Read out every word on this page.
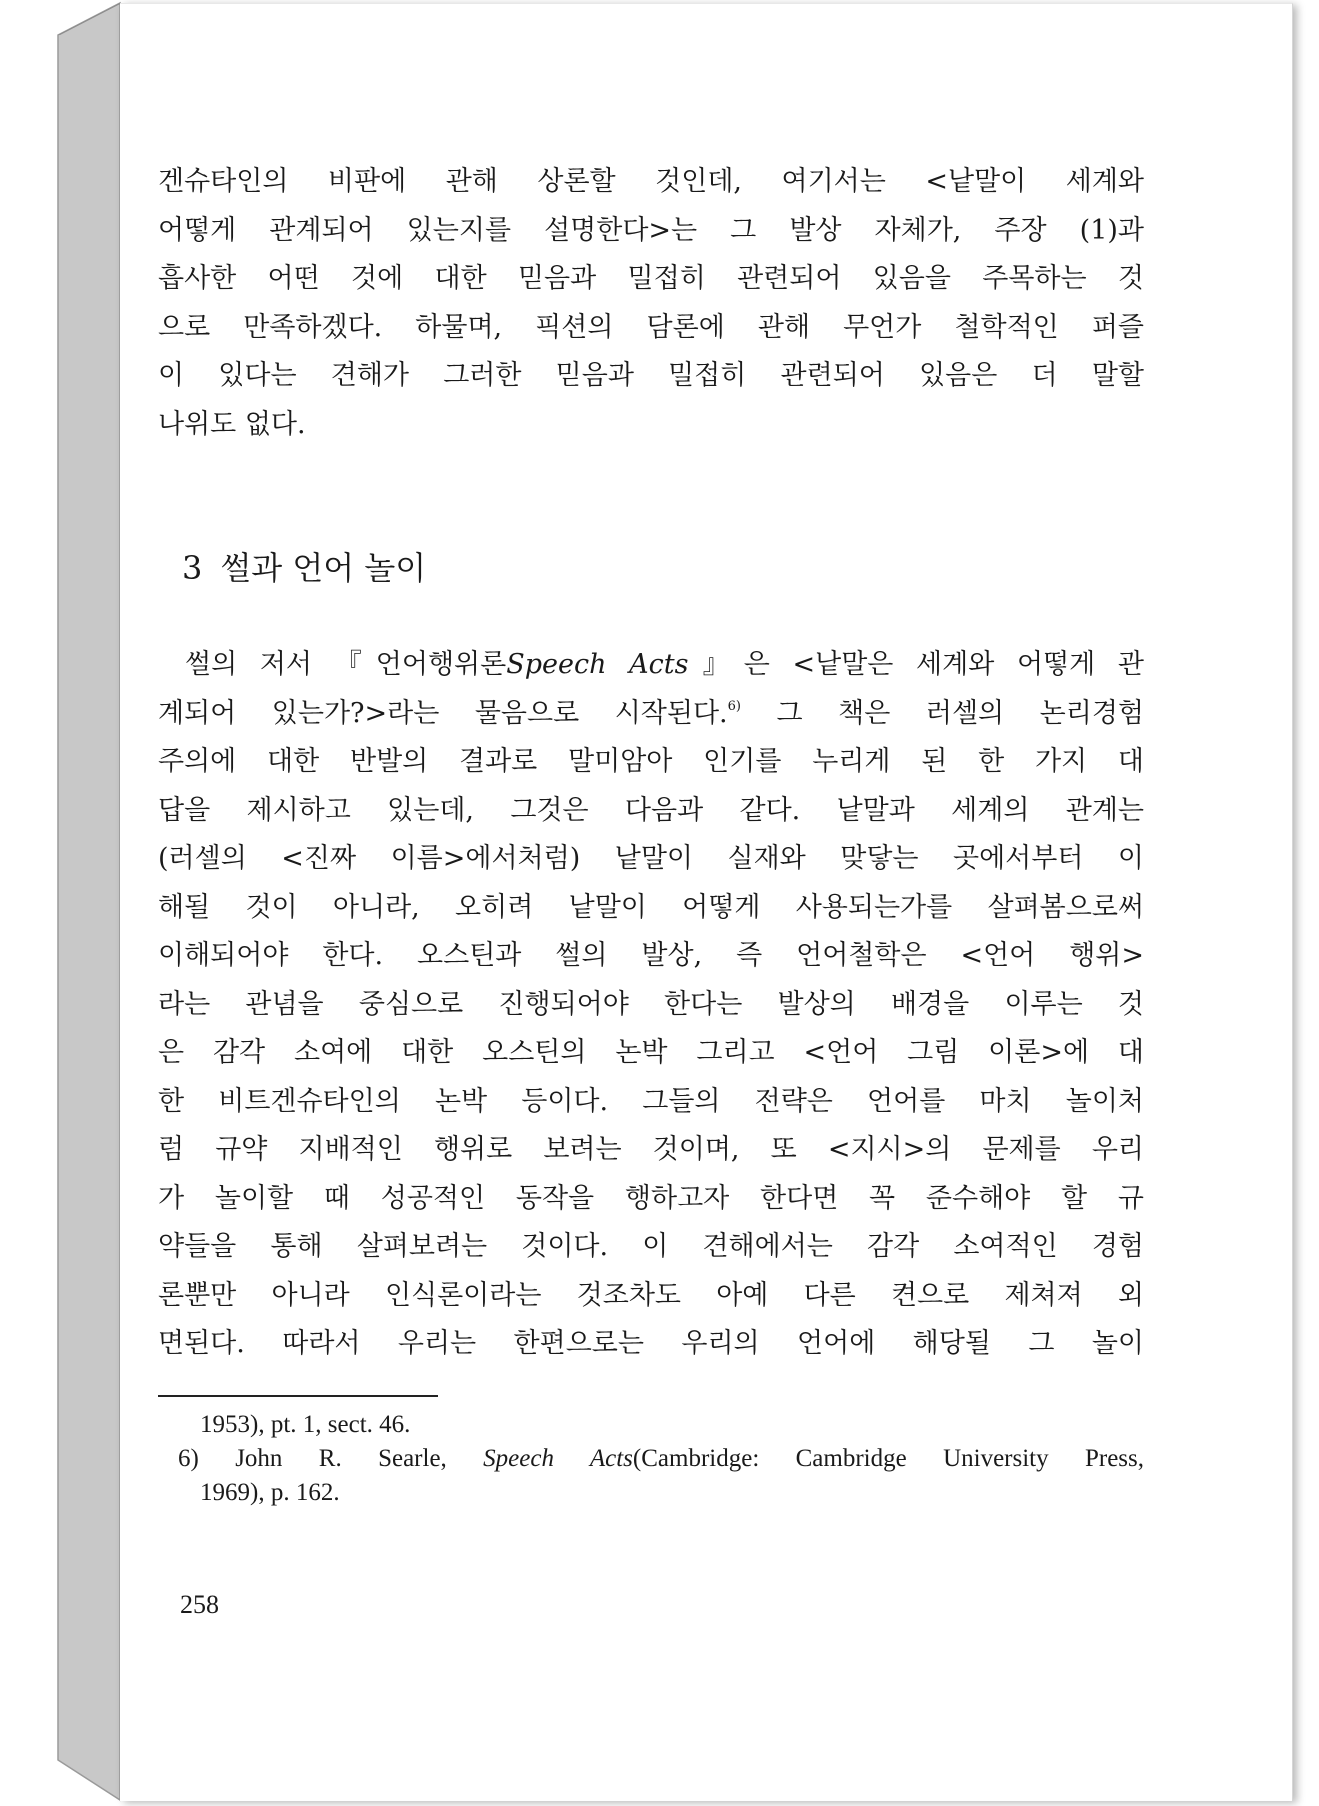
겐슈타인의 비판에 관해 상론할 것인데, 여기서는 <낱말이 세계와
어떻게 관계되어 있는지를 설명한다>는 그 발상 자체가, 주장 (1)과
흡사한 어떤 것에 대한 믿음과 밀접히 관련되어 있음을 주목하는 것
으로 만족하겠다. 하물며, 픽션의 담론에 관해 무언가 철학적인 퍼즐
이 있다는 견해가 그러한 믿음과 밀접히 관련되어 있음은 더 말할
나위도 없다.
3 썰과 언어 놀이
썰의 저서 『언어행위론Speech Acts』은 <낱말은 세계와 어떻게 관
계되어 있는가?>라는 물음으로 시작된다.$^{6)}$ 그 책은 러셀의 논리경험
주의에 대한 반발의 결과로 말미암아 인기를 누리게 된 한 가지 대
답을 제시하고 있는데, 그것은 다음과 같다. 낱말과 세계의 관계는
(러셀의 <진짜 이름>에서처럼) 낱말이 실재와 맞닿는 곳에서부터 이
해될 것이 아니라, 오히려 낱말이 어떻게 사용되는가를 살펴봄으로써
이해되어야 한다. 오스틴과 썰의 발상, 즉 언어철학은 <언어 행위>
라는 관념을 중심으로 진행되어야 한다는 발상의 배경을 이루는 것
은 감각 소여에 대한 오스틴의 논박 그리고 <언어 그림 이론>에 대
한 비트겐슈타인의 논박 등이다. 그들의 전략은 언어를 마치 놀이처
럼 규약 지배적인 행위로 보려는 것이며, 또 <지시>의 문제를 우리
가 놀이할 때 성공적인 동작을 행하고자 한다면 꼭 준수해야 할 규
약들을 통해 살펴보려는 것이다. 이 견해에서는 감각 소여적인 경험
론뿐만 아니라 인식론이라는 것조차도 아예 다른 켠으로 제쳐져 외
면된다. 따라서 우리는 한편으로는 우리의 언어에 해당될 그 놀이
1953), pt. 1, sect. 46.
6) John R. Searle, Speech Acts(Cambridge: Cambridge University Press,
1969), p. 162.
258
